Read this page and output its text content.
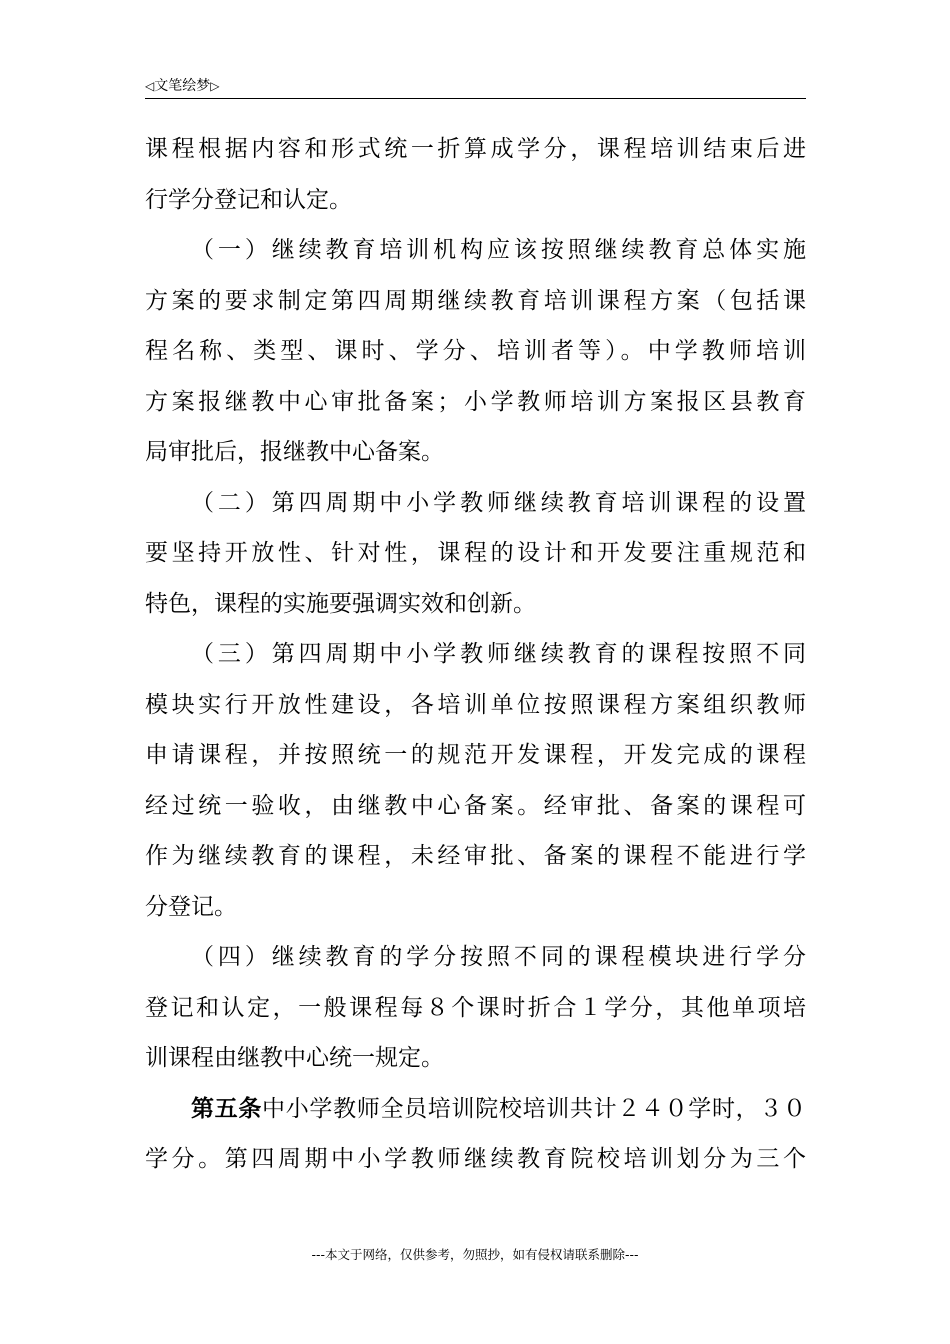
◁文笔绘梦▷
课程根据内容和形式统一折算成学分，课程培训结束后进
行学分登记和认定。
（一）继续教育培训机构应该按照继续教育总体实施
方案的要求制定第四周期继续教育培训课程方案（包括课
程名称、类型、课时、学分、培训者等）。中学教师培训
方案报继教中心审批备案；小学教师培训方案报区县教育
局审批后，报继教中心备案。
（二）第四周期中小学教师继续教育培训课程的设置
要坚持开放性、针对性，课程的设计和开发要注重规范和
特色，课程的实施要强调实效和创新。
（三）第四周期中小学教师继续教育的课程按照不同
模块实行开放性建设，各培训单位按照课程方案组织教师
申请课程，并按照统一的规范开发课程，开发完成的课程
经过统一验收，由继教中心备案。经审批、备案的课程可
作为继续教育的课程，未经审批、备案的课程不能进行学
分登记。
（四）继续教育的学分按照不同的课程模块进行学分
登记和认定，一般课程每８个课时折合１学分，其他单项培
训课程由继教中心统一规定。
第五条中小学教师全员培训院校培训共计２４０学时，３０
学分。第四周期中小学教师继续教育院校培训划分为三个
---本文于网络，仅供参考，勿照抄，如有侵权请联系删除---
